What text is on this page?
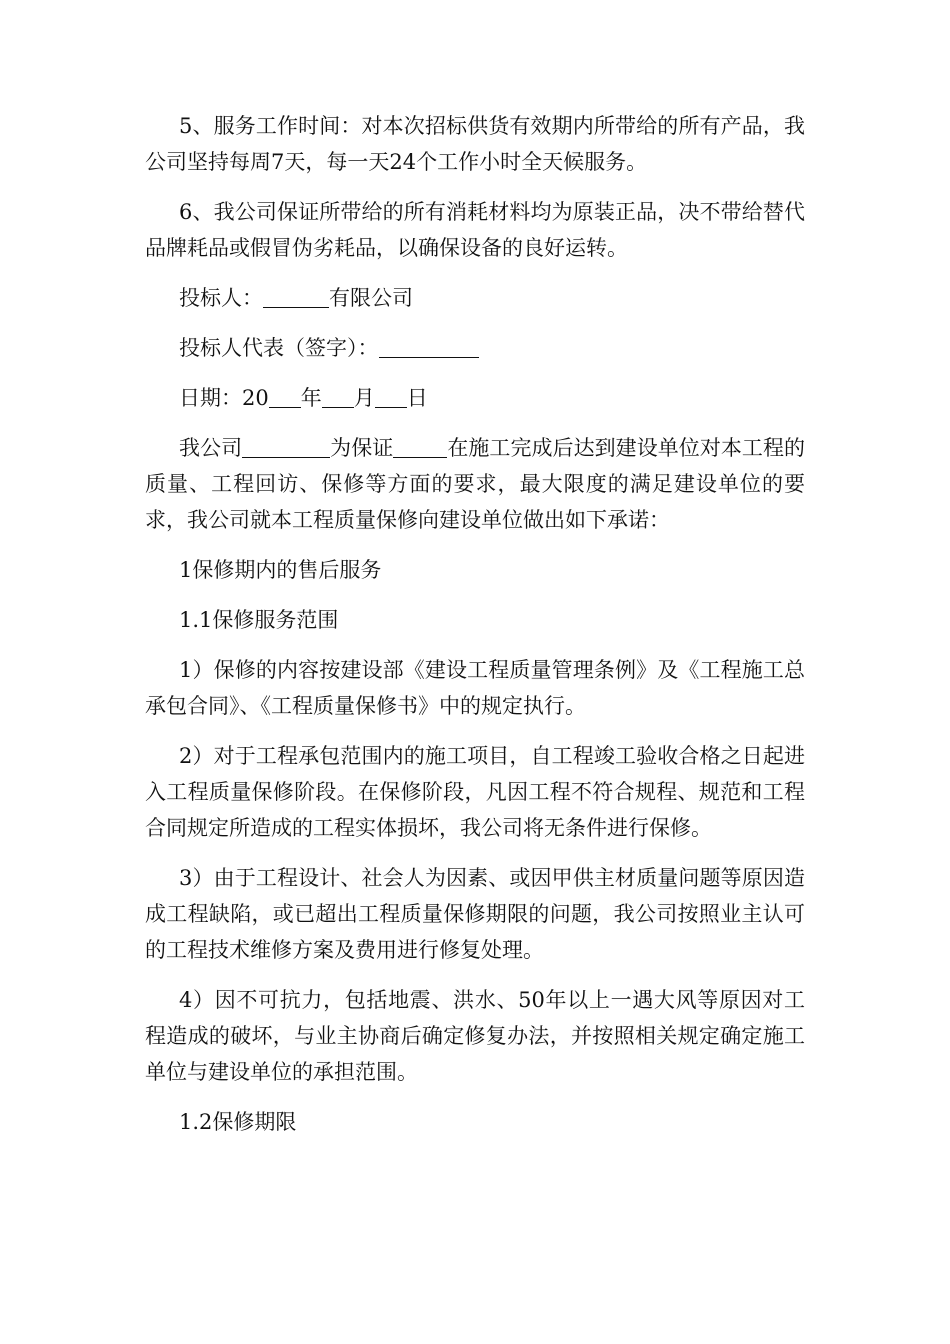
5、服务工作时间：对本次招标供货有效期内所带给的所有产品，我公司坚持每周7天，每一天24个工作小时全天候服务。

6、我公司保证所带给的所有消耗材料均为原装正品，决不带给替代品牌耗品或假冒伪劣耗品，以确保设备的良好运转。

投标人：	有限公司

投标人代表（签字）：

日期：20 年 月 日

我公司	为保证	在施工完成后达到建设单位对本工程的质量、工程回访、保修等方面的要求，最大限度的满足建设单位的要求，我公司就本工程质量保修向建设单位做出如下承诺：

1保修期内的售后服务

1.1保修服务范围

1）保修的内容按建设部《建设工程质量管理条例》及《工程施工总承包合同》、《工程质量保修书》中的规定执行。

2）对于工程承包范围内的施工项目，自工程竣工验收合格之日起进入工程质量保修阶段。在保修阶段，凡因工程不符合规程、规范和工程合同规定所造成的工程实体损坏，我公司将无条件进行保修。

3）由于工程设计、社会人为因素、或因甲供主材质量问题等原因造成工程缺陷，或已超出工程质量保修期限的问题，我公司按照业主认可的工程技术维修方案及费用进行修复处理。

4）因不可抗力，包括地震、洪水、50年以上一遇大风等原因对工程造成的破坏，与业主协商后确定修复办法，并按照相关规定确定施工单位与建设单位的承担范围。

1.2保修期限
